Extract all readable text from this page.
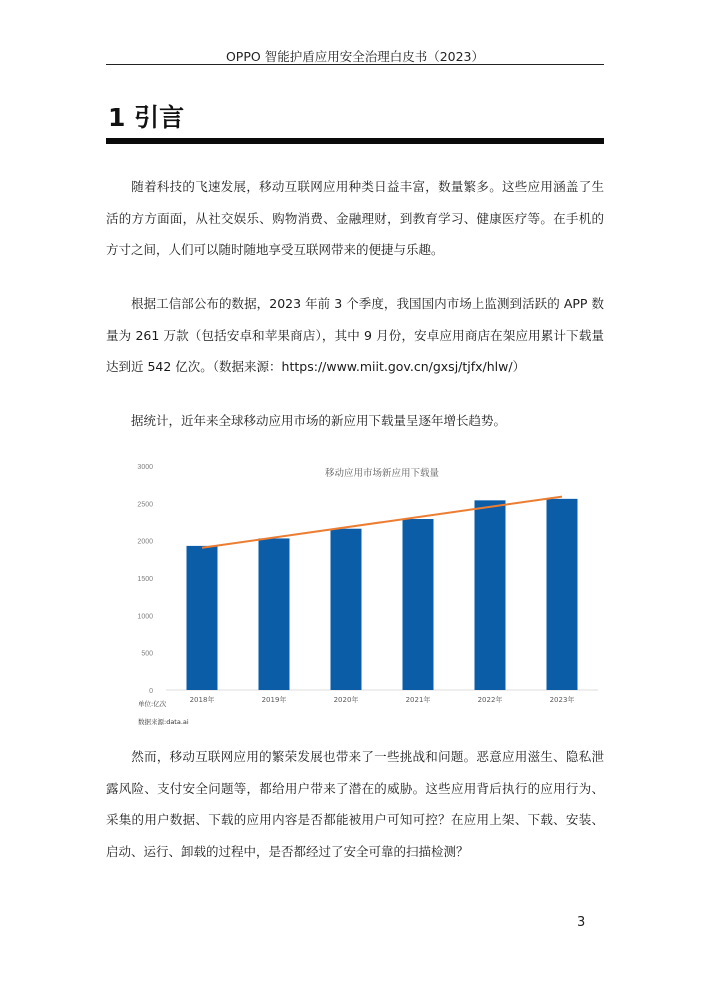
OPPO 智能护盾应用安全治理白皮书（2023）
1 引言

随着科技的飞速发展，移动互联网应用种类日益丰富，数量繁多。这些应用涵盖了生活的方方面面，从社交娱乐、购物消费、金融理财，到教育学习、健康医疗等。在手机的方寸之间，人们可以随时随地享受互联网带来的便捷与乐趣。

根据工信部公布的数据，2023 年前 3 个季度，我国国内市场上监测到活跃的 APP 数量为 261 万款（包括安卓和苹果商店），其中 9 月份，安卓应用商店在架应用累计下载量达到近 542 亿次。（数据来源：https://www.miit.gov.cn/gxsj/tjfx/hlw/）

据统计，近年来全球移动应用市场的新应用下载量呈逐年增长趋势。

0
500
1000
1500
2000
2500
3000
2018年	2019年	2020年	2021年	2022年	2023年
移动应用市场新应用下载量
单位:亿次
数据来源:data.ai

然而，移动互联网应用的繁荣发展也带来了一些挑战和问题。恶意应用滋生、隐私泄露风险、支付安全问题等，都给用户带来了潜在的威胁。这些应用背后执行的应用行为、采集的用户数据、下载的应用内容是否都能被用户可知可控？在应用上架、下载、安装、启动、运行、卸载的过程中，是否都经过了安全可靠的扫描检测？

3
